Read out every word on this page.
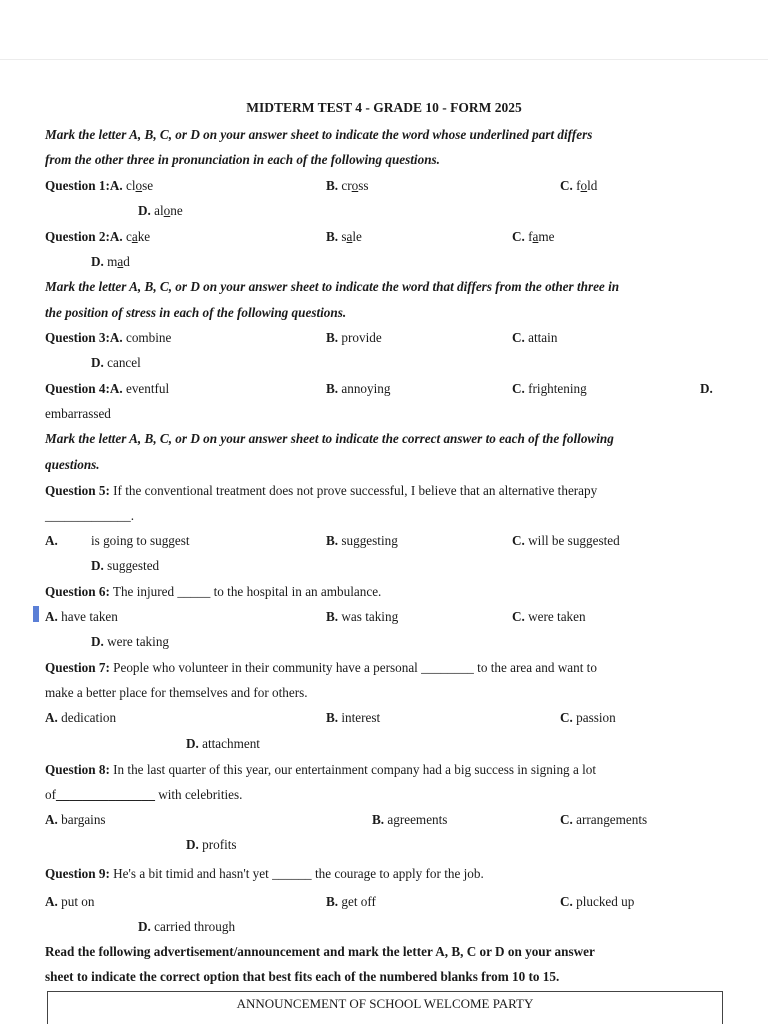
MIDTERM TEST 4 - GRADE 10 - FORM 2025
Mark the letter A, B, C, or D on your answer sheet to indicate the word whose underlined part differs
from the other three in pronunciation in each of the following questions.
Question 1:A. close	B. cross	C. fold
D. alone
Question 2:A. cake	B. sale	C. fame
D. mad
Mark the letter A, B, C, or D on your answer sheet to indicate the word that differs from the other three in
the position of stress in each of the following questions.
Question 3:A. combine	B. provide	C. attain
D. cancel
Question 4:A. eventful	B. annoying	C. frightening	D.
embarrassed
Mark the letter A, B, C, or D on your answer sheet to indicate the correct answer to each of the following
questions.
Question 5: If the conventional treatment does not prove successful, I believe that an alternative therapy
_____________.
A.	is going to suggest	B. suggesting	C. will be suggested
D. suggested
Question 6: The injured _____ to the hospital in an ambulance.
A. have taken	B. was taking	C. were taken
D. were taking
Question 7: People who volunteer in their community have a personal ________ to the area and want to
make a better place for themselves and for others.
A. dedication	B. interest	C. passion
D. attachment
Question 8: In the last quarter of this year, our entertainment company had a big success in signing a lot
of_______________ with celebrities.
A. bargains	B. agreements	C. arrangements
D. profits
Question 9: He's a bit timid and hasn't yet ______ the courage to apply for the job.
A. put on	B. get off	C. plucked up
D. carried through
Read the following advertisement/announcement and mark the letter A, B, C or D on your answer
sheet to indicate the correct option that best fits each of the numbered blanks from 10 to 15.
ANNOUNCEMENT OF SCHOOL WELCOME PARTY
